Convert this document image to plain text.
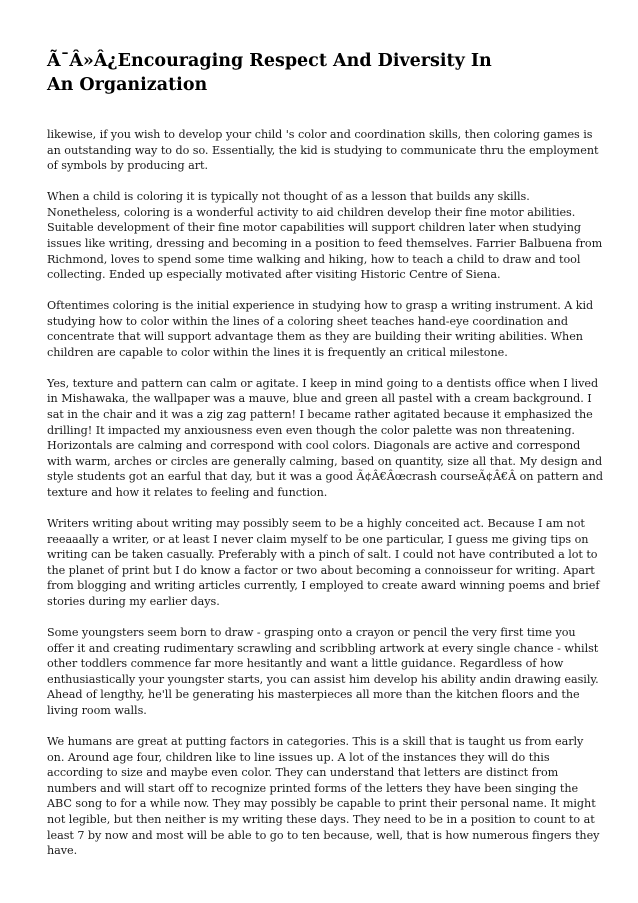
Ã¯Â»Â¿Encouraging Respect And Diversity In An Organization

likewise, if you wish to develop your child 's color and coordination skills, then coloring games is an outstanding way to do so. Essentially, the kid is studying to communicate thru the employment of symbols by producing art.

When a child is coloring it is typically not thought of as a lesson that builds any skills. Nonetheless, coloring is a wonderful activity to aid children develop their fine motor abilities. Suitable development of their fine motor capabilities will support children later when studying issues like writing, dressing and becoming in a position to feed themselves. Farrier Balbuena from Richmond, loves to spend some time walking and hiking, how to teach a child to draw and tool collecting. Ended up especially motivated after visiting Historic Centre of Siena.

Oftentimes coloring is the initial experience in studying how to grasp a writing instrument. A kid studying how to color within the lines of a coloring sheet teaches hand-eye coordination and concentrate that will support advantage them as they are building their writing abilities. When children are capable to color within the lines it is frequently an critical milestone.

Yes, texture and pattern can calm or agitate. I keep in mind going to a dentists office when I lived in Mishawaka, the wallpaper was a mauve, blue and green all pastel with a cream background. I sat in the chair and it was a zig zag pattern! I became rather agitated because it emphasized the drilling! It impacted my anxiousness even even though the color palette was non threatening. Horizontals are calming and correspond with cool colors. Diagonals are active and correspond with warm, arches or circles are generally calming, based on quantity, size all that. My design and style students got an earful that day, but it was a good Ã¢Â€Âœcrash courseÃ¢Â€Â on pattern and texture and how it relates to feeling and function.

Writers writing about writing may possibly seem to be a highly conceited act. Because I am not reeaaally a writer, or at least I never claim myself to be one particular, I guess me giving tips on writing can be taken casually. Preferably with a pinch of salt. I could not have contributed a lot to the planet of print but I do know a factor or two about becoming a connoisseur for writing. Apart from blogging and writing articles currently, I employed to create award winning poems and brief stories during my earlier days.

Some youngsters seem born to draw - grasping onto a crayon or pencil the very first time you offer it and creating rudimentary scrawling and scribbling artwork at every single chance - whilst other toddlers commence far more hesitantly and want a little guidance. Regardless of how enthusiastically your youngster starts, you can assist him develop his ability andin drawing easily. Ahead of lengthy, he'll be generating his masterpieces all more than the kitchen floors and the living room walls.

We humans are great at putting factors in categories. This is a skill that is taught us from early on. Around age four, children like to line issues up. A lot of the instances they will do this according to size and maybe even color. They can understand that letters are distinct from numbers and will start off to recognize printed forms of the letters they have been singing the ABC song to for a while now. They may possibly be capable to print their personal name. It might not legible, but then neither is my writing these days. They need to be in a position to count to at least 7 by now and most will be able to go to ten because, well, that is how numerous fingers they have.
